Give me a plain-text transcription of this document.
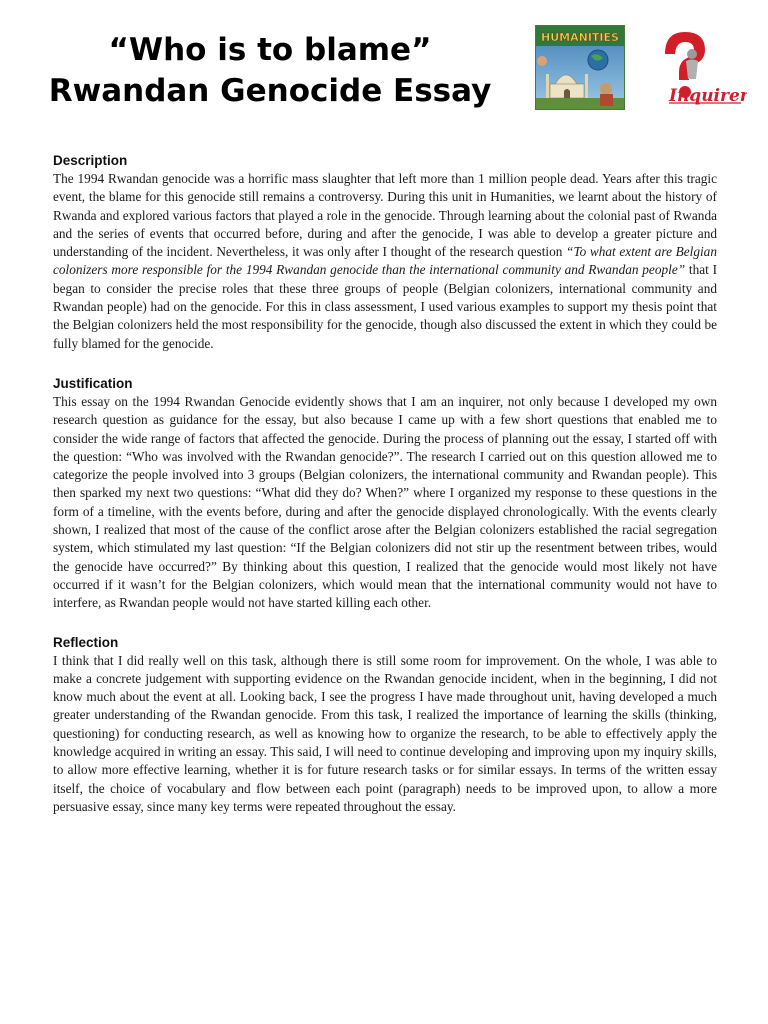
“Who is to blame”
Rwandan Genocide Essay
HUMANITIES
Inquirer
Description

The 1994 Rwandan genocide was a horrific mass slaughter that left more than 1 million people dead. Years after this tragic event, the blame for this genocide still remains a controversy. During this unit in Humanities, we learnt about the history of Rwanda and explored various factors that played a role in the genocide. Through learning about the colonial past of Rwanda and the series of events that occurred before, during and after the genocide, I was able to develop a greater picture and understanding of the incident. Nevertheless, it was only after I thought of the research question “To what extent are Belgian colonizers more responsible for the 1994 Rwandan genocide than the international community and Rwandan people” that I began to consider the precise roles that these three groups of people (Belgian colonizers, international community and Rwandan people) had on the genocide. For this in class assessment, I used various examples to support my thesis point that the Belgian colonizers held the most responsibility for the genocide, though also discussed the extent in which they could be fully blamed for the genocide.

Justification

This essay on the 1994 Rwandan Genocide evidently shows that I am an inquirer, not only because I developed my own research question as guidance for the essay, but also because I came up with a few short questions that enabled me to consider the wide range of factors that affected the genocide. During the process of planning out the essay, I started off with the question: “Who was involved with the Rwandan genocide?”. The research I carried out on this question allowed me to categorize the people involved into 3 groups (Belgian colonizers, the international community and Rwandan people). This then sparked my next two questions: “What did they do? When?” where I organized my response to these questions in the form of a timeline, with the events before, during and after the genocide displayed chronologically. With the events clearly shown, I realized that most of the cause of the conflict arose after the Belgian colonizers established the racial segregation system, which stimulated my last question: “If the Belgian colonizers did not stir up the resentment between tribes, would the genocide have occurred?” By thinking about this question, I realized that the genocide would most likely not have occurred if it wasn’t for the Belgian colonizers, which would mean that the international community would not have to interfere, as Rwandan people would not have started killing each other.

Reflection

I think that I did really well on this task, although there is still some room for improvement. On the whole, I was able to make a concrete judgement with supporting evidence on the Rwandan genocide incident, when in the beginning, I did not know much about the event at all. Looking back, I see the progress I have made throughout unit, having developed a much greater understanding of the Rwandan genocide. From this task, I realized the importance of learning the skills (thinking, questioning) for conducting research, as well as knowing how to organize the research, to be able to effectively apply the knowledge acquired in writing an essay. This said, I will need to continue developing and improving upon my inquiry skills, to allow more effective learning, whether it is for future research tasks or for similar essays. In terms of the written essay itself, the choice of vocabulary and flow between each point (paragraph) needs to be improved upon, to allow a more persuasive essay, since many key terms were repeated throughout the essay.
